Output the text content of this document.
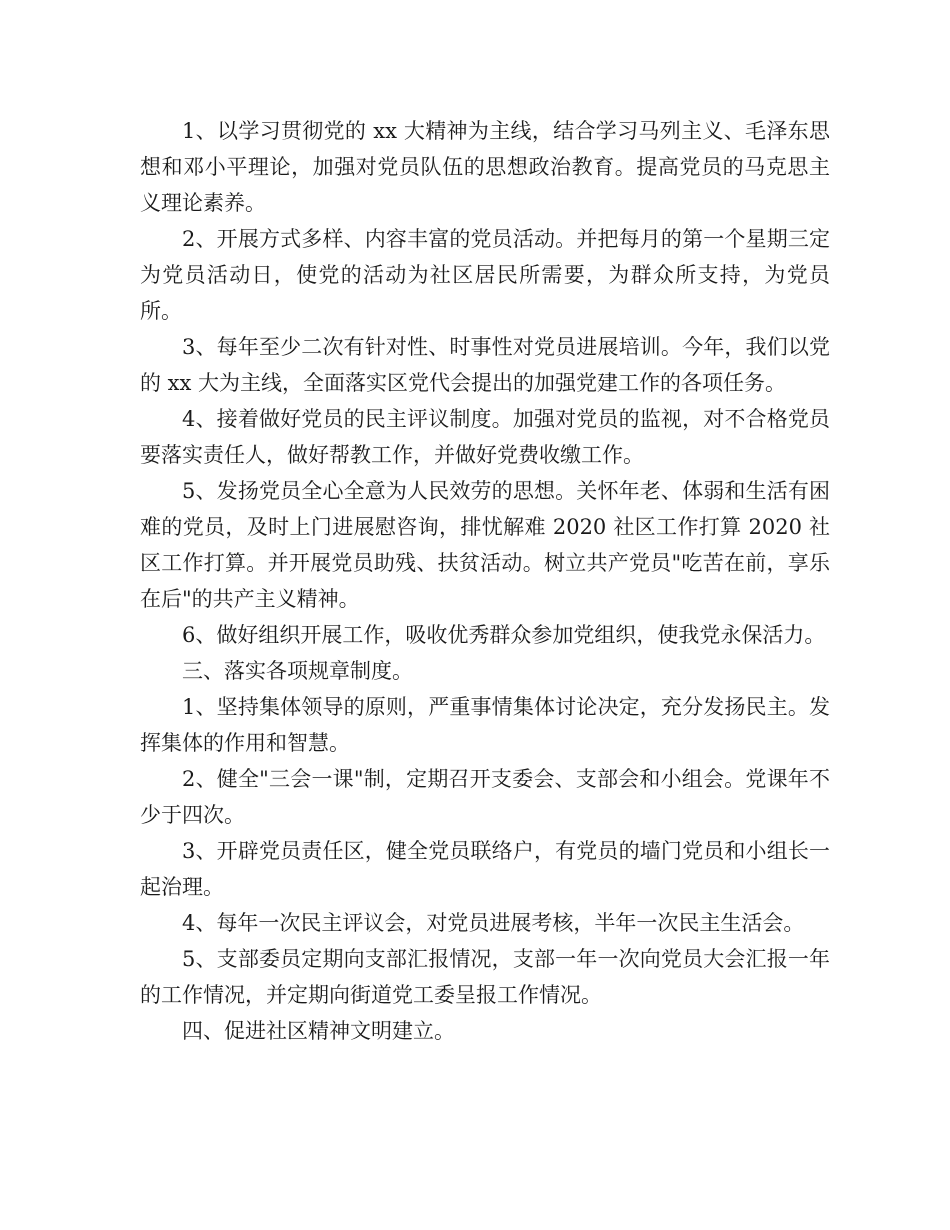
1、以学习贯彻党的 xx 大精神为主线，结合学习马列主义、毛泽东思想和邓小平理论，加强对党员队伍的思想政治教育。提高党员的马克思主义理论素养。

2、开展方式多样、内容丰富的党员活动。并把每月的第一个星期三定为党员活动日，使党的活动为社区居民所需要，为群众所支持，为党员所。

3、每年至少二次有针对性、时事性对党员进展培训。今年，我们以党的 xx 大为主线，全面落实区党代会提出的加强党建工作的各项任务。

4、接着做好党员的民主评议制度。加强对党员的监视，对不合格党员要落实责任人，做好帮教工作，并做好党费收缴工作。

5、发扬党员全心全意为人民效劳的思想。关怀年老、体弱和生活有困难的党员，及时上门进展慰咨询，排忧解难 2020 社区工作打算 2020 社区工作打算。并开展党员助残、扶贫活动。树立共产党员"吃苦在前，享乐在后"的共产主义精神。

6、做好组织开展工作，吸收优秀群众参加党组织，使我党永保活力。

三、落实各项规章制度。

1、坚持集体领导的原则，严重事情集体讨论决定，充分发扬民主。发挥集体的作用和智慧。

2、健全"三会一课"制，定期召开支委会、支部会和小组会。党课年不少于四次。

3、开辟党员责任区，健全党员联络户，有党员的墙门党员和小组长一起治理。

4、每年一次民主评议会，对党员进展考核，半年一次民主生活会。

5、支部委员定期向支部汇报情况，支部一年一次向党员大会汇报一年的工作情况，并定期向街道党工委呈报工作情况。

四、促进社区精神文明建立。
